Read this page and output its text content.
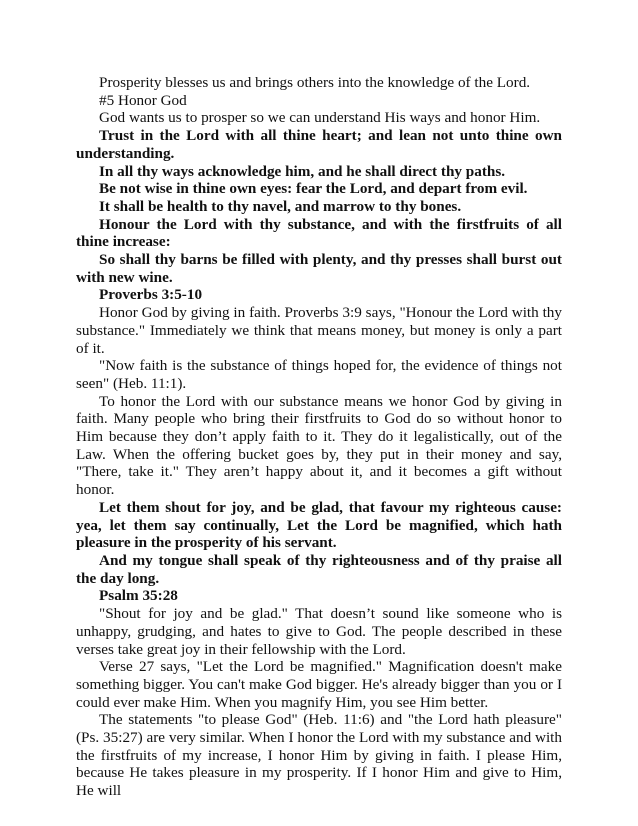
Prosperity blesses us and brings others into the knowledge of the Lord.

#5 Honor God

God wants us to prosper so we can understand His ways and honor Him.

Trust in the Lord with all thine heart; and lean not unto thine own understanding.

In all thy ways acknowledge him, and he shall direct thy paths.

Be not wise in thine own eyes: fear the Lord, and depart from evil.

It shall be health to thy navel, and marrow to thy bones.

Honour the Lord with thy substance, and with the firstfruits of all thine increase:

So shall thy barns be filled with plenty, and thy presses shall burst out with new wine.

Proverbs 3:5-10

Honor God by giving in faith. Proverbs 3:9 says, "Honour the Lord with thy substance." Immediately we think that means money, but money is only a part of it.

"Now faith is the substance of things hoped for, the evidence of things not seen" (Heb. 11:1).

To honor the Lord with our substance means we honor God by giving in faith. Many people who bring their firstfruits to God do so without honor to Him because they don’t apply faith to it. They do it legalistically, out of the Law. When the offering bucket goes by, they put in their money and say, "There, take it." They aren’t happy about it, and it becomes a gift without honor.

Let them shout for joy, and be glad, that favour my righteous cause: yea, let them say continually, Let the Lord be magnified, which hath pleasure in the prosperity of his servant.

And my tongue shall speak of thy righteousness and of thy praise all the day long.

Psalm 35:28

"Shout for joy and be glad." That doesn’t sound like someone who is unhappy, grudging, and hates to give to God. The people described in these verses take great joy in their fellowship with the Lord.

Verse 27 says, "Let the Lord be magnified." Magnification doesn't make something bigger. You can't make God bigger. He's already bigger than you or I could ever make Him. When you magnify Him, you see Him better.

The statements "to please God" (Heb. 11:6) and "the Lord hath pleasure" (Ps. 35:27) are very similar. When I honor the Lord with my substance and with the firstfruits of my increase, I honor Him by giving in faith. I please Him, because He takes pleasure in my prosperity. If I honor Him and give to Him, He will
